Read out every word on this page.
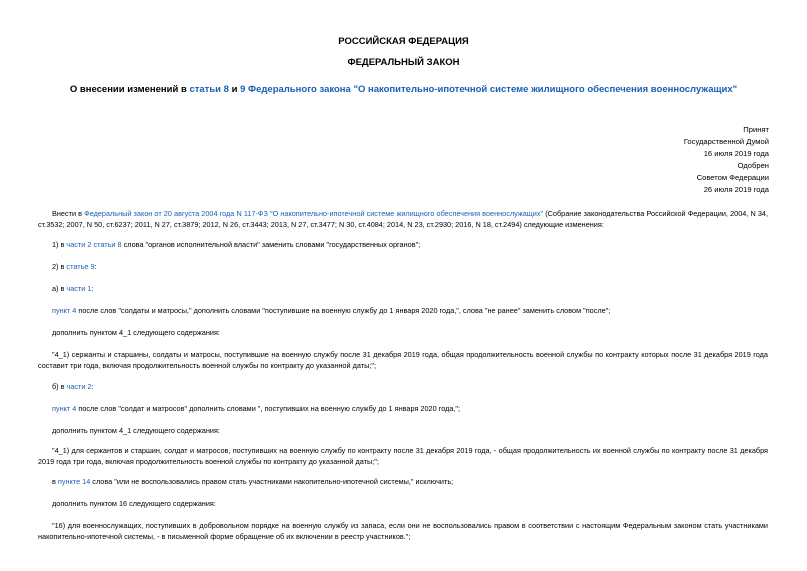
РОССИЙСКАЯ ФЕДЕРАЦИЯ
ФЕДЕРАЛЬНЫЙ ЗАКОН
О внесении изменений в статьи 8 и 9 Федерального закона "О накопительно-ипотечной системе жилищного обеспечения военнослужащих"
Принят
Государственной Думой
16 июля 2019 года
Одобрен
Советом Федерации
26 июля 2019 года
Внести в Федеральный закон от 20 августа 2004 года N 117-ФЗ "О накопительно-ипотечной системе жилищного обеспечения военнослужащих" (Собрание законодательства Российской Федерации, 2004, N 34, ст.3532; 2007, N 50, ст.6237; 2011, N 27, ст.3879; 2012, N 26, ст.3443; 2013, N 27, ст.3477; N 30, ст.4084; 2014, N 23, ст.2930; 2016, N 18, ст.2494) следующие изменения:
1) в части 2 статьи 8 слова "органов исполнительной власти" заменить словами "государственных органов";
2) в статье 9:
а) в части 1:
пункт 4 после слов "солдаты и матросы," дополнить словами "поступившие на военную службу до 1 января 2020 года,", слова "не ранее" заменить словом "после";
дополнить пунктом 4_1 следующего содержания:
"4_1) сержанты и старшины, солдаты и матросы, поступившие на военную службу после 31 декабря 2019 года, общая продолжительность военной службы по контракту которых после 31 декабря 2019 года составит три года, включая продолжительность военной службы по контракту до указанной даты;";
б) в части 2:
пункт 4 после слов "солдат и матросов" дополнить словами ", поступивших на военную службу до 1 января 2020 года,";
дополнить пунктом 4_1 следующего содержания:
"4_1) для сержантов и старшин, солдат и матросов, поступивших на военную службу по контракту после 31 декабря 2019 года, - общая продолжительность их военной службы по контракту после 31 декабря 2019 года три года, включая продолжительность военной службы по контракту до указанной даты;";
в пункте 14 слова "или не воспользовались правом стать участниками накопительно-ипотечной системы," исключить;
дополнить пунктом 16 следующего содержания:
"16) для военнослужащих, поступивших в добровольном порядке на военную службу из запаса, если они не воспользовались правом в соответствии с настоящим Федеральным законом стать участниками накопительно-ипотечной системы, - в письменной форме обращение об их включении в реестр участников.";
